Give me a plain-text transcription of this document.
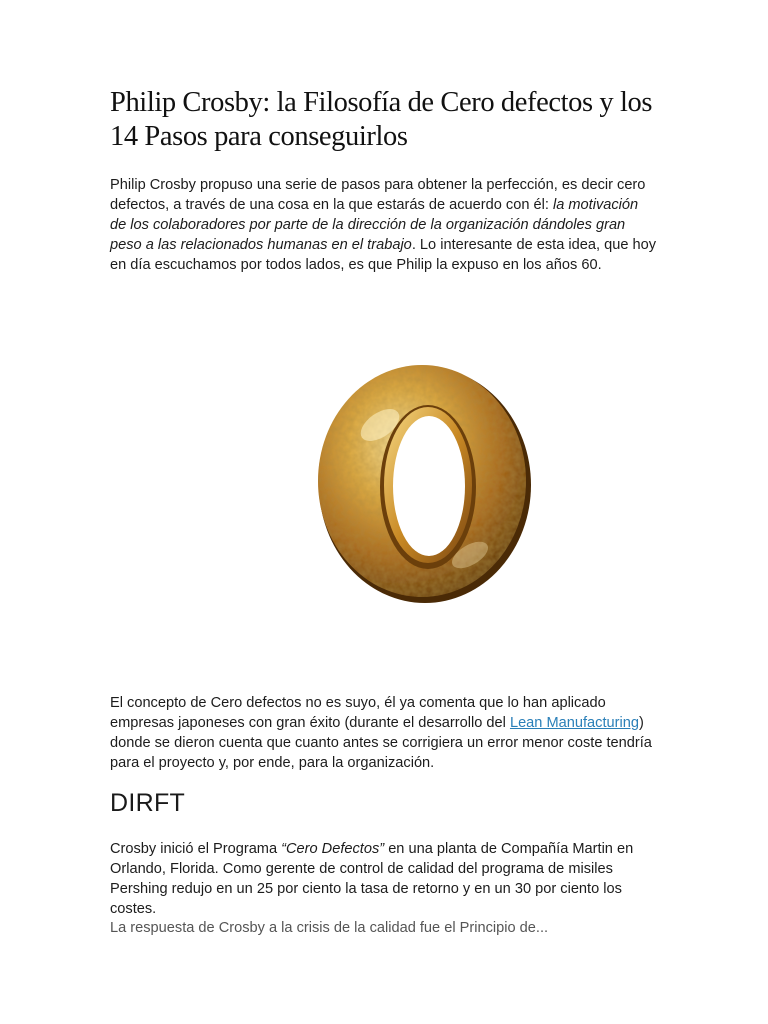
Philip Crosby: la Filosofía de Cero defectos y los 14 Pasos para conseguirlos

Philip Crosby propuso una serie de pasos para obtener la perfección, es decir cero defectos, a través de una cosa en la que estarás de acuerdo con él: la motivación de los colaboradores por parte de la dirección de la organización dándoles gran peso a las relacionados humanas en el trabajo. Lo interesante de esta idea, que hoy en día escuchamos por todos lados, es que Philip la expuso en los años 60.

El concepto de Cero defectos no es suyo, él ya comenta que lo han aplicado empresas japoneses con gran éxito (durante el desarrollo del Lean Manufacturing) donde se dieron cuenta que cuanto antes se corrigiera un error menor coste tendría para el proyecto y, por ende, para la organización.

DIRFT

Crosby inició el Programa “Cero Defectos” en una planta de Compañía Martin en Orlando, Florida. Como gerente de control de calidad del programa de misiles Pershing redujo en un 25 por ciento la tasa de retorno y en un 30 por ciento los costes.

La respuesta de Crosby a la crisis de la calidad fue el Principio de...
